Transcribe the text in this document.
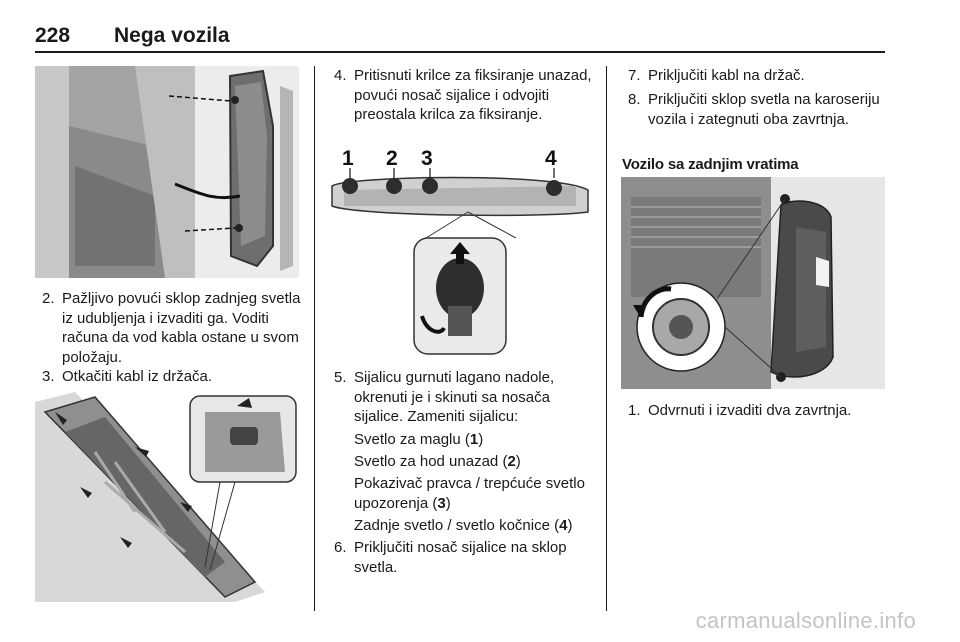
228 Nega vozila
2. Pažljivo povući sklop zadnjeg svetla iz udubljenja i izvaditi ga. Voditi računa da vod kabla ostane u svom položaju.
3. Otkačiti kabl iz držača.
4. Pritisnuti krilce za fiksiranje unazad, povući nosač sijalice i odvojiti preostala krilca za fiksiranje.
1 2 3	4
5. Sijalicu gurnuti lagano nadole, okrenuti je i skinuti sa nosača sijalice. Zameniti sijalicu:
Svetlo za maglu (1)
Svetlo za hod unazad (2)
Pokazivač pravca / trepćuće svetlo upozorenja (3)
Zadnje svetlo / svetlo kočnice (4)
6. Priključiti nosač sijalice na sklop svetla.
7. Priključiti kabl na držač.
8. Priključiti sklop svetla na karoseriju vozila i zategnuti oba zavrtnja.
Vozilo sa zadnjim vratima
1. Odvrnuti i izvaditi dva zavrtnja.
carmanualsonline.info
